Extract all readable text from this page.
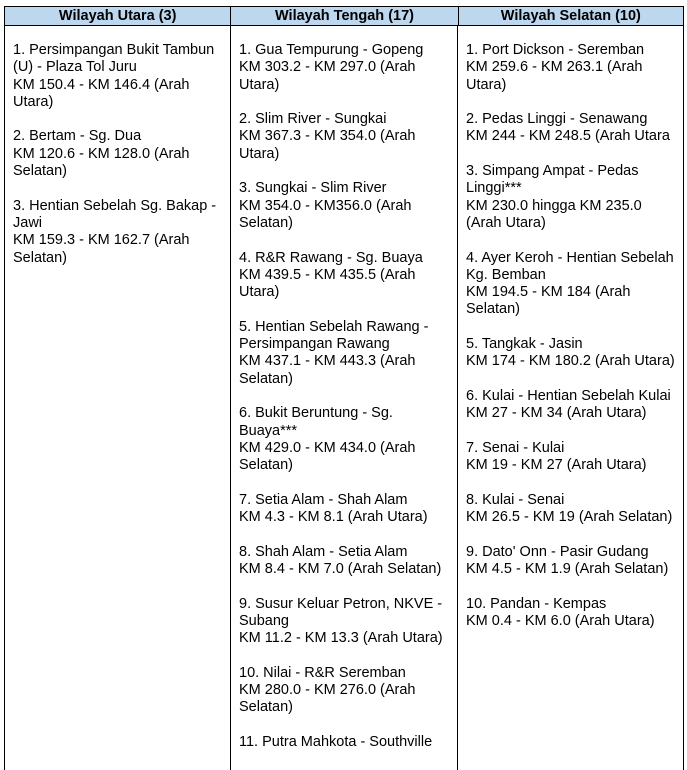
Wilayah Utara (3)	Wilayah Tengah (17)	Wilayah Selatan (10)
1. Persimpangan Bukit Tambun (U) - Plaza Tol Juru
KM 150.4 - KM 146.4 (Arah Utara)
2. Bertam - Sg. Dua
KM 120.6 - KM 128.0 (Arah Selatan)
3. Hentian Sebelah Sg. Bakap - Jawi
KM 159.3 - KM 162.7 (Arah Selatan)
1. Gua Tempurung - Gopeng
KM 303.2 - KM 297.0 (Arah Utara)
2. Slim River - Sungkai
KM 367.3 - KM 354.0 (Arah Utara)
3. Sungkai - Slim River
KM 354.0 - KM356.0 (Arah Selatan)
4. R&R Rawang - Sg. Buaya
KM 439.5 - KM 435.5 (Arah Utara)
5. Hentian Sebelah Rawang - Persimpangan Rawang
KM 437.1 - KM 443.3 (Arah Selatan)
6. Bukit Beruntung - Sg. Buaya***
KM 429.0 - KM 434.0 (Arah Selatan)
7. Setia Alam - Shah Alam
KM 4.3 - KM 8.1 (Arah Utara)
8. Shah Alam - Setia Alam
KM 8.4 - KM 7.0 (Arah Selatan)
9. Susur Keluar Petron, NKVE - Subang
KM 11.2 - KM 13.3 (Arah Utara)
10. Nilai - R&R Seremban
KM 280.0 - KM 276.0 (Arah Selatan)
11. Putra Mahkota - Southville
1. Port Dickson - Seremban
KM 259.6 - KM 263.1 (Arah Utara)
2. Pedas Linggi - Senawang
KM 244 - KM 248.5 (Arah Utara
3. Simpang Ampat - Pedas Linggi***
KM 230.0 hingga KM 235.0 (Arah Utara)
4. Ayer Keroh - Hentian Sebelah Kg. Bemban
KM 194.5 - KM 184 (Arah Selatan)
5. Tangkak - Jasin
KM 174 - KM 180.2 (Arah Utara)
6. Kulai - Hentian Sebelah Kulai
KM 27 - KM 34 (Arah Utara)
7. Senai - Kulai
KM 19 - KM 27 (Arah Utara)
8. Kulai - Senai
KM 26.5 - KM 19 (Arah Selatan)
9. Dato' Onn - Pasir Gudang
KM 4.5 - KM 1.9 (Arah Selatan)
10. Pandan - Kempas
KM 0.4 - KM 6.0 (Arah Utara)
